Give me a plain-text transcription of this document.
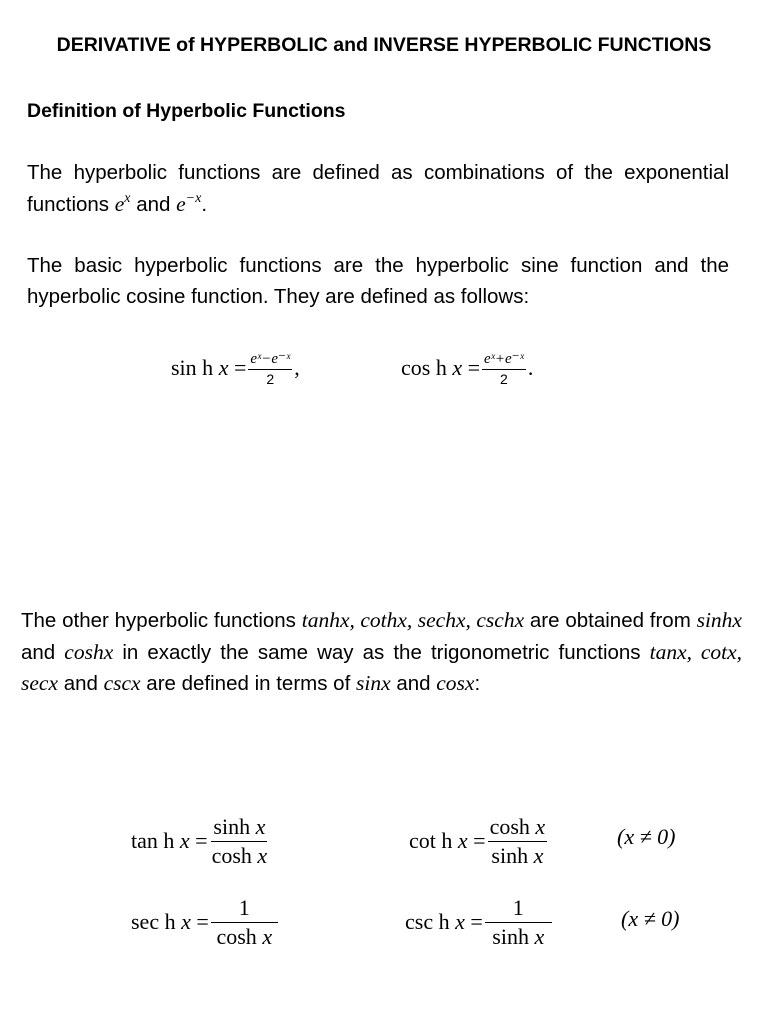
DERIVATIVE of HYPERBOLIC and INVERSE HYPERBOLIC FUNCTIONS
Definition of Hyperbolic Functions
The hyperbolic functions are defined as combinations of the exponential functions $e^x$ and $e^{-x}$.
The basic hyperbolic functions are the hyperbolic sine function and the hyperbolic cosine function. They are defined as follows:
sin h
x
= $\frac{\text{eˣ−e⁻ˣ}}{2}$ ,	cos h
x
= $\frac{\text{eˣ+e⁻ˣ}}{2}$ .
The other hyperbolic functions tanhx, cothx, sechx, cschx are obtained from sinhx and coshx in exactly the same way as the trigonometric functions tanx, cotx, secx and cscx are defined in terms of sinx and cosx:
tan h
x
= $\frac{\text{sinh x}}{\text{cosh x}}$	cot h
x
= $\frac{\text{cosh x}}{\text{sinh x}}$	(x ≠ 0)
sec h
x
= $\frac{1}{\text{cosh x}}$	csc h
x
= $\frac{1}{\text{sinh x}}$	(x ≠ 0)
